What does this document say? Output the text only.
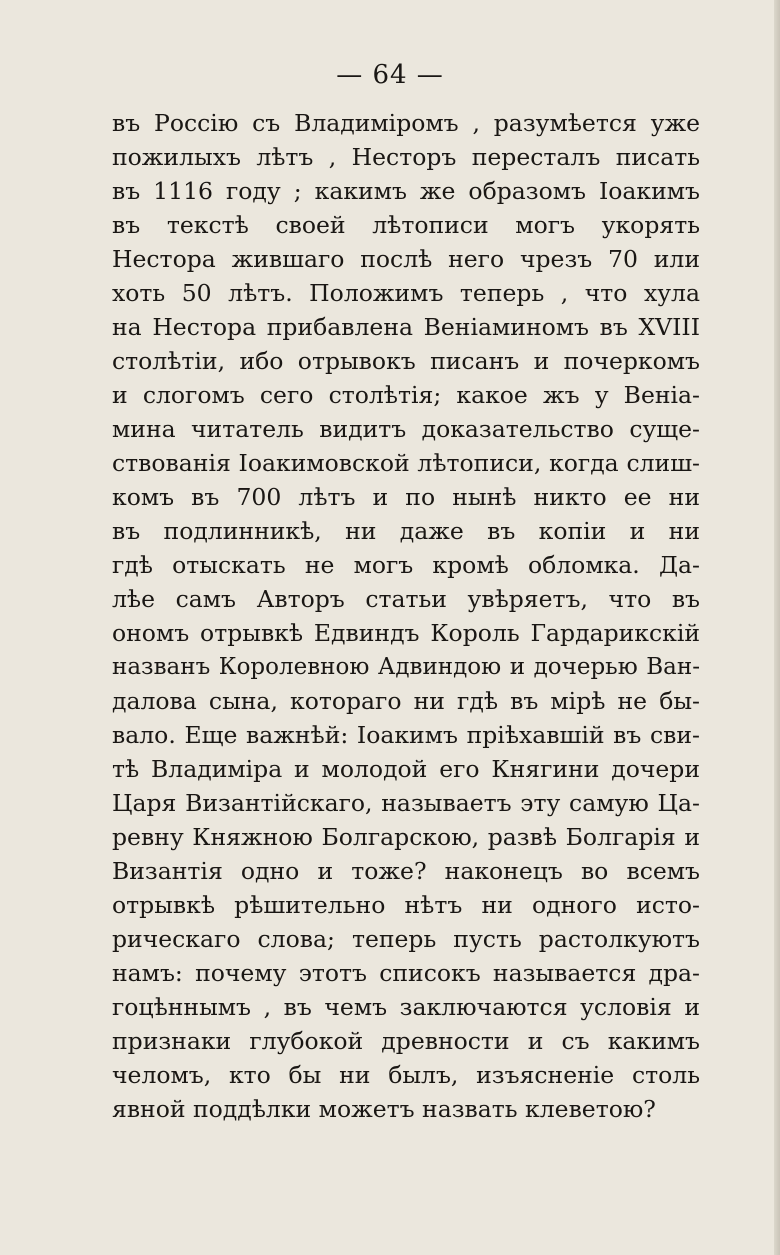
— 64 —
въ Россію съ Владиміромъ , разумѣется уже
пожилыхъ лѣтъ , Несторъ пересталъ писать
въ 1116 году ; какимъ же образомъ Іоакимъ
въ текстѣ своей лѣтописи могъ укорять
Нестора жившаго послѣ него чрезъ 70 или
хоть 50 лѣтъ. Положимъ теперь , что хула
на Нестора прибавлена Веніаминомъ въ XVIII
столѣтіи, ибо отрывокъ писанъ и почеркомъ
и слогомъ сего столѣтія; какое жъ у Веніа-
мина читатель видитъ доказательство суще-
ствованія Іоакимовской лѣтописи, когда слиш-
комъ въ 700 лѣтъ и по нынѣ никто ее ни
въ подлинникѣ, ни даже въ копіи и ни
гдѣ отыскать не могъ кромѣ обломка. Да-
лѣе самъ Авторъ статьи увѣряетъ, что въ
ономъ отрывкѣ Едвиндъ Король Гардарикскій
названъ Королевною Адвиндою и дочерью Ван-
далова сына, котораго ни гдѣ въ мірѣ не бы-
вало. Еще важнѣй: Іоакимъ пріѣхавшій въ сви-
тѣ Владиміра и молодой его Княгини дочери
Царя Византійскаго, называетъ эту самую Ца-
ревну Княжною Болгарскою, развѣ Болгарія и
Византія одно и тоже? наконецъ во всемъ
отрывкѣ рѣшительно нѣтъ ни одного исто-
рическаго слова; теперь пусть растолкуютъ
намъ: почему этотъ списокъ называется дра-
гоцѣннымъ , въ чемъ заключаются условія и
признаки глубокой древности и съ какимъ
челомъ, кто бы ни былъ, изъясненіе столь
явной поддѣлки можетъ назвать клеветою?
